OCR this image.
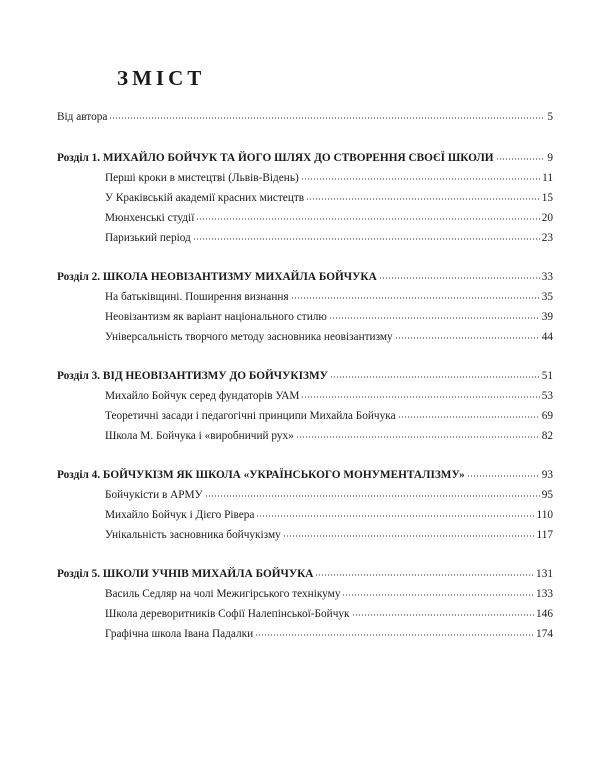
ЗМІСТ
Від автора	5
Розділ 1. МИХАЙЛО БОЙЧУК ТА ЙОГО ШЛЯХ ДО СТВОРЕННЯ СВОЄЇ ШКОЛИ	9
Перші кроки в мистецтві (Львів-Відень)	11
У Краківській академії красних мистецтв	15
Мюнхенські студії	20
Паризький період	23
Розділ 2. ШКОЛА НЕОВІЗАНТИЗМУ МИХАЙЛА БОЙЧУКА	33
На батьківщині. Поширення визнання	35
Неовізантизм як варіант національного стилю	39
Універсальність творчого методу засновника неовізантизму	44
Розділ 3. ВІД НЕОВІЗАНТИЗМУ ДО БОЙЧУКІЗМУ	51
Михайло Бойчук серед фундаторів УАМ	53
Теоретичні засади і педагогічні принципи Михайла Бойчука	69
Школа М. Бойчука і «виробничий рух»	82
Розділ 4. БОЙЧУКІЗМ ЯК ШКОЛА «УКРАЇНСЬКОГО МОНУМЕНТАЛІЗМУ»	93
Бойчукісти в АРМУ	95
Михайло Бойчук і Дієго Рівера	110
Унікальність засновника бойчукізму	117
Розділ 5. ШКОЛИ УЧНІВ МИХАЙЛА БОЙЧУКА	131
Василь Седляр на чолі Межигірського технікуму	133
Школа дереворитників Софії Налепінської-Бойчук	146
Графічна школа Івана Падалки	174
